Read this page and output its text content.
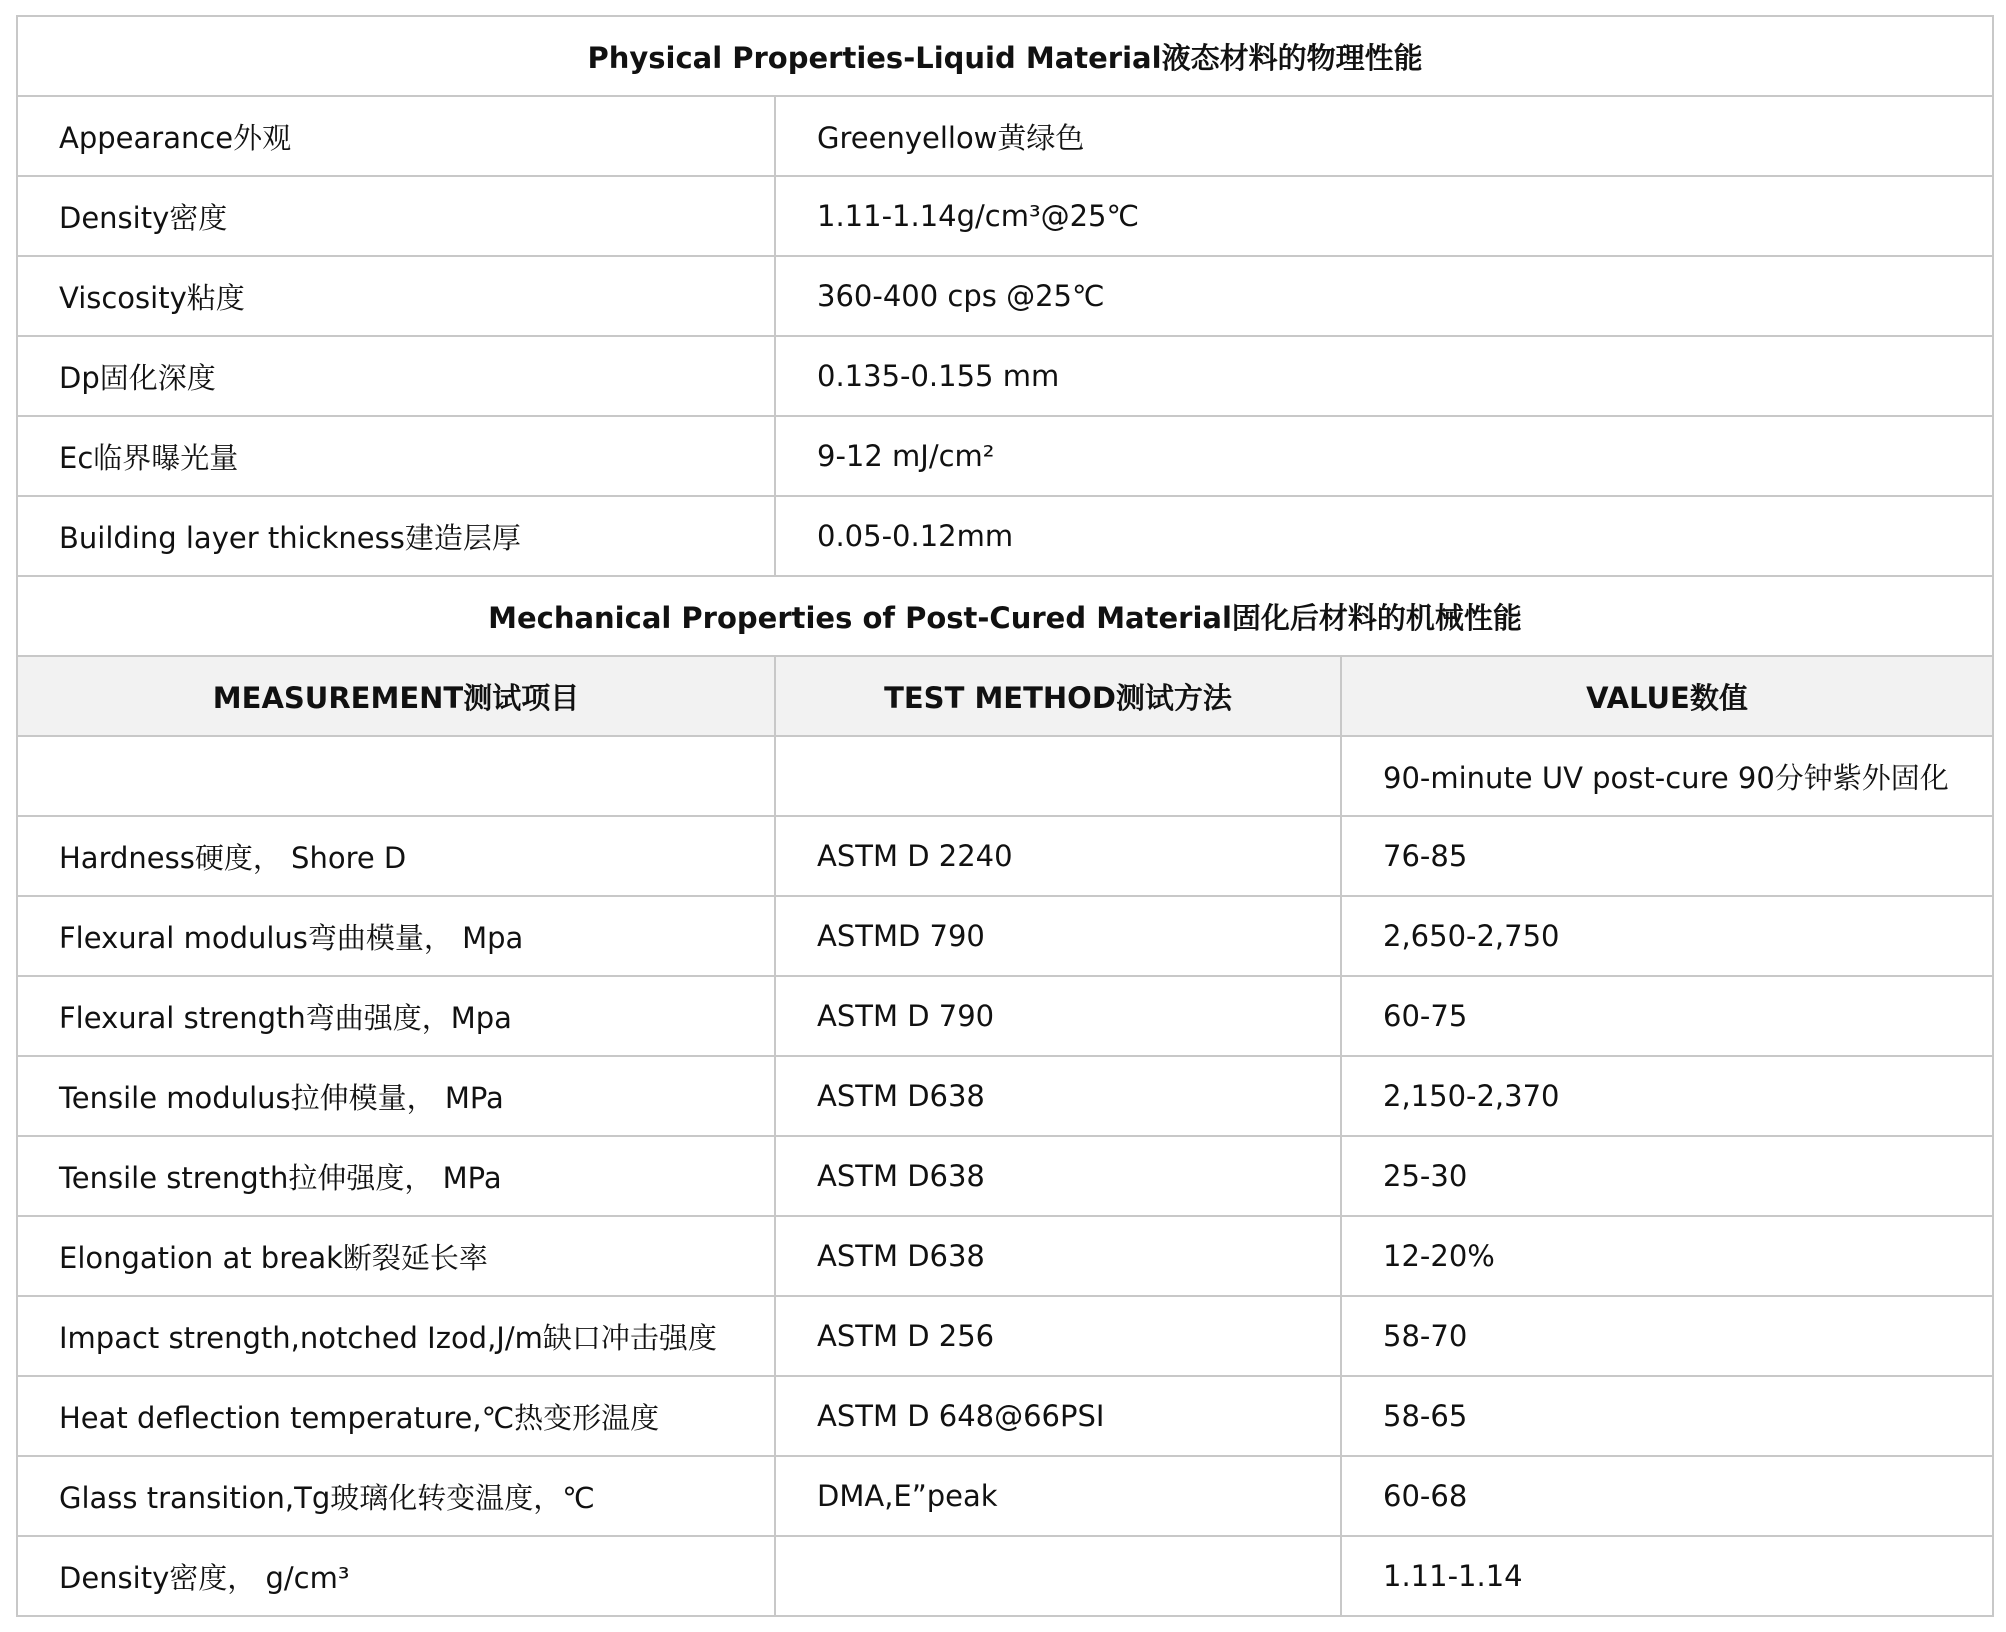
Physical Properties-Liquid Material液态材料的物理性能		
Appearance外观	Greenyellow黄绿色	
Density密度	1.11-1.14g/cm³@25℃	
Viscosity粘度	360-400 cps @25℃	
Dp固化深度	0.135-0.155 mm	
Ec临界曝光量	9-12 mJ/cm²	
Building layer thickness建造层厚	0.05-0.12mm	
Mechanical Properties of Post-Cured Material固化后材料的机械性能		
MEASUREMENT测试项目	TEST METHOD测试方法	VALUE数值
		90-minute UV post-cure 90分钟紫外固化
Hardness硬度， Shore D	ASTM D 2240	76-85
Flexural modulus弯曲模量， Mpa	ASTMD 790	2,650-2,750
Flexural strength弯曲强度，Mpa	ASTM D 790	60-75
Tensile modulus拉伸模量， MPa	ASTM D638	2,150-2,370
Tensile strength拉伸强度， MPa	ASTM D638	25-30
Elongation at break断裂延长率	ASTM D638	12-20%
Impact strength,notched Izod,J/m缺口冲击强度	ASTM D 256	58-70
Heat deflection temperature,℃热变形温度	ASTM D 648@66PSI	58-65
Glass transition,Tg玻璃化转变温度，℃	DMA,E”peak	60-68
Density密度， g/cm³		1.11-1.14
